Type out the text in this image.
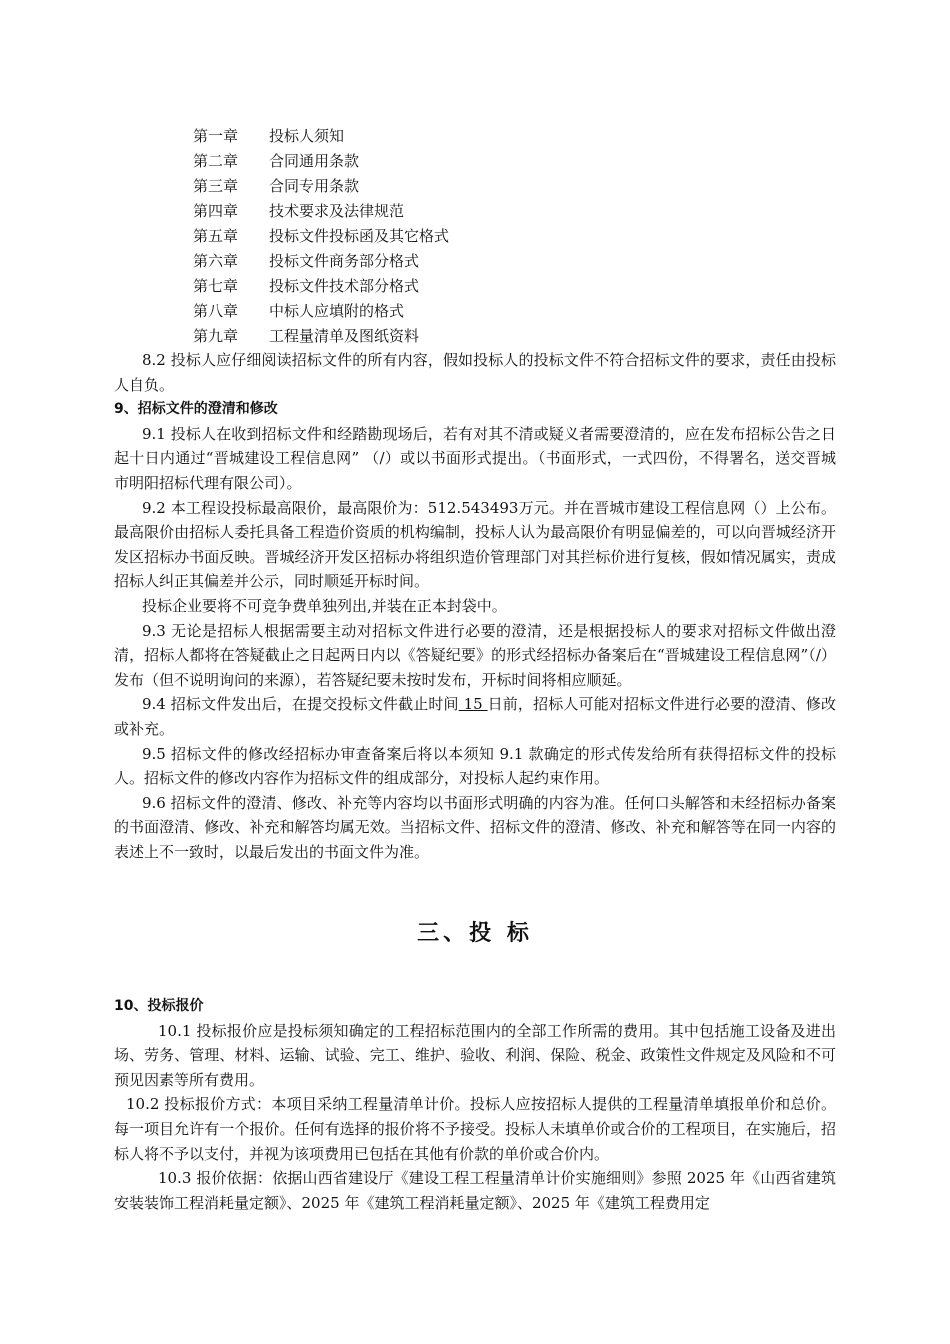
第一章 投标人须知
第二章 合同通用条款
第三章 合同专用条款
第四章 技术要求及法律规范
第五章 投标文件投标函及其它格式
第六章 投标文件商务部分格式
第七章 投标文件技术部分格式
第八章 中标人应填附的格式
第九章 工程量清单及图纸资料

8.2 投标人应仔细阅读招标文件的所有内容，假如投标人的投标文件不符合招标文件的要求，责任由投标人自负。

9、招标文件的澄清和修改

9.1 投标人在收到招标文件和经踏勘现场后，若有对其不清或疑义者需要澄清的，应在发布招标公告之日起十日内通过“晋城建设工程信息网” （/）或以书面形式提出。（书面形式，一式四份，不得署名，送交晋城市明阳招标代理有限公司）。

9.2 本工程设投标最高限价，最高限价为：512.543493万元。并在晋城市建设工程信息网（）上公布。最高限价由招标人委托具备工程造价资质的机构编制，投标人认为最高限价有明显偏差的，可以向晋城经济开发区招标办书面反映。晋城经济开发区招标办将组织造价管理部门对其拦标价进行复核，假如情况属实，责成招标人纠正其偏差并公示，同时顺延开标时间。

投标企业要将不可竞争费单独列出,并装在正本封袋中。

9.3 无论是招标人根据需要主动对招标文件进行必要的澄清，还是根据投标人的要求对招标文件做出澄清，招标人都将在答疑截止之日起两日内以《答疑纪要》的形式经招标办备案后在“晋城建设工程信息网”（/）发布（但不说明询问的来源），若答疑纪要未按时发布，开标时间将相应顺延。

9.4 招标文件发出后，在提交投标文件截止时间 15 日前，招标人可能对招标文件进行必要的澄清、修改或补充。

9.5 招标文件的修改经招标办审查备案后将以本须知 9.1 款确定的形式传发给所有获得招标文件的投标人。招标文件的修改内容作为招标文件的组成部分，对投标人起约束作用。

9.6 招标文件的澄清、修改、补充等内容均以书面形式明确的内容为准。任何口头解答和未经招标办备案的书面澄清、修改、补充和解答均属无效。当招标文件、招标文件的澄清、修改、补充和解答等在同一内容的表述上不一致时，以最后发出的书面文件为准。

三、投 标

10、投标报价

10.1 投标报价应是投标须知确定的工程招标范围内的全部工作所需的费用。其中包括施工设备及进出场、劳务、管理、材料、运输、试验、完工、维护、验收、利润、保险、税金、政策性文件规定及风险和不可预见因素等所有费用。

10.2 投标报价方式：本项目采纳工程量清单计价。投标人应按招标人提供的工程量清单填报单价和总价。每一项目允许有一个报价。任何有选择的报价将不予接受。投标人未填单价或合价的工程项目，在实施后，招标人将不予以支付，并视为该项费用已包括在其他有价款的单价或合价内。

10.3 报价依据：依据山西省建设厅《建设工程工程量清单计价实施细则》参照 2025 年《山西省建筑安装装饰工程消耗量定额》、2025 年《建筑工程消耗量定额》、2025 年《建筑工程费用定
